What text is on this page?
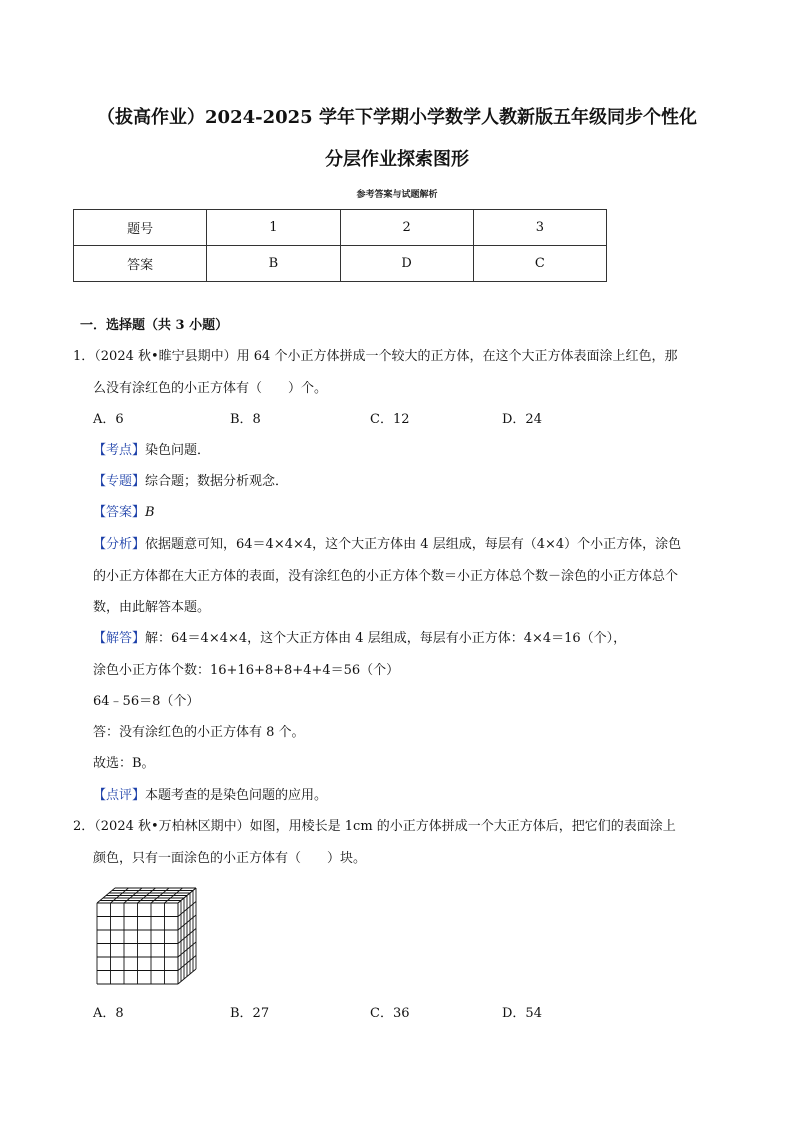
（拔高作业）2024-2025 学年下学期小学数学人教新版五年级同步个性化
分层作业探索图形
参考答案与试题解析
题号	1	2	3
答案	B	D	C
一．选择题（共 3 小题）
1．（2024 秋•睢宁县期中）用 64 个小正方体拼成一个较大的正方体，在这个大正方体表面涂上红色，那
么没有涂红色的小正方体有（　　）个。
A．6	B．8	C．12	D．24
【考点】染色问题．
【专题】综合题；数据分析观念．
【答案】B
【分析】依据题意可知，64＝4×4×4，这个大正方体由 4 层组成，每层有（4×4）个小正方体，涂色
的小正方体都在大正方体的表面，没有涂红色的小正方体个数＝小正方体总个数－涂色的小正方体总个
数，由此解答本题。
【解答】解：64＝4×4×4，这个大正方体由 4 层组成，每层有小正方体：4×4＝16（个），
涂色小正方体个数：16+16+8+8+4+4＝56（个）
64﹣56＝8（个）
答：没有涂红色的小正方体有 8 个。
故选：B。
【点评】本题考查的是染色问题的应用。
2．（2024 秋•万柏林区期中）如图，用棱长是 1cm 的小正方体拼成一个大正方体后，把它们的表面涂上
颜色，只有一面涂色的小正方体有（　　）块。
A．8	B．27	C．36	D．54
